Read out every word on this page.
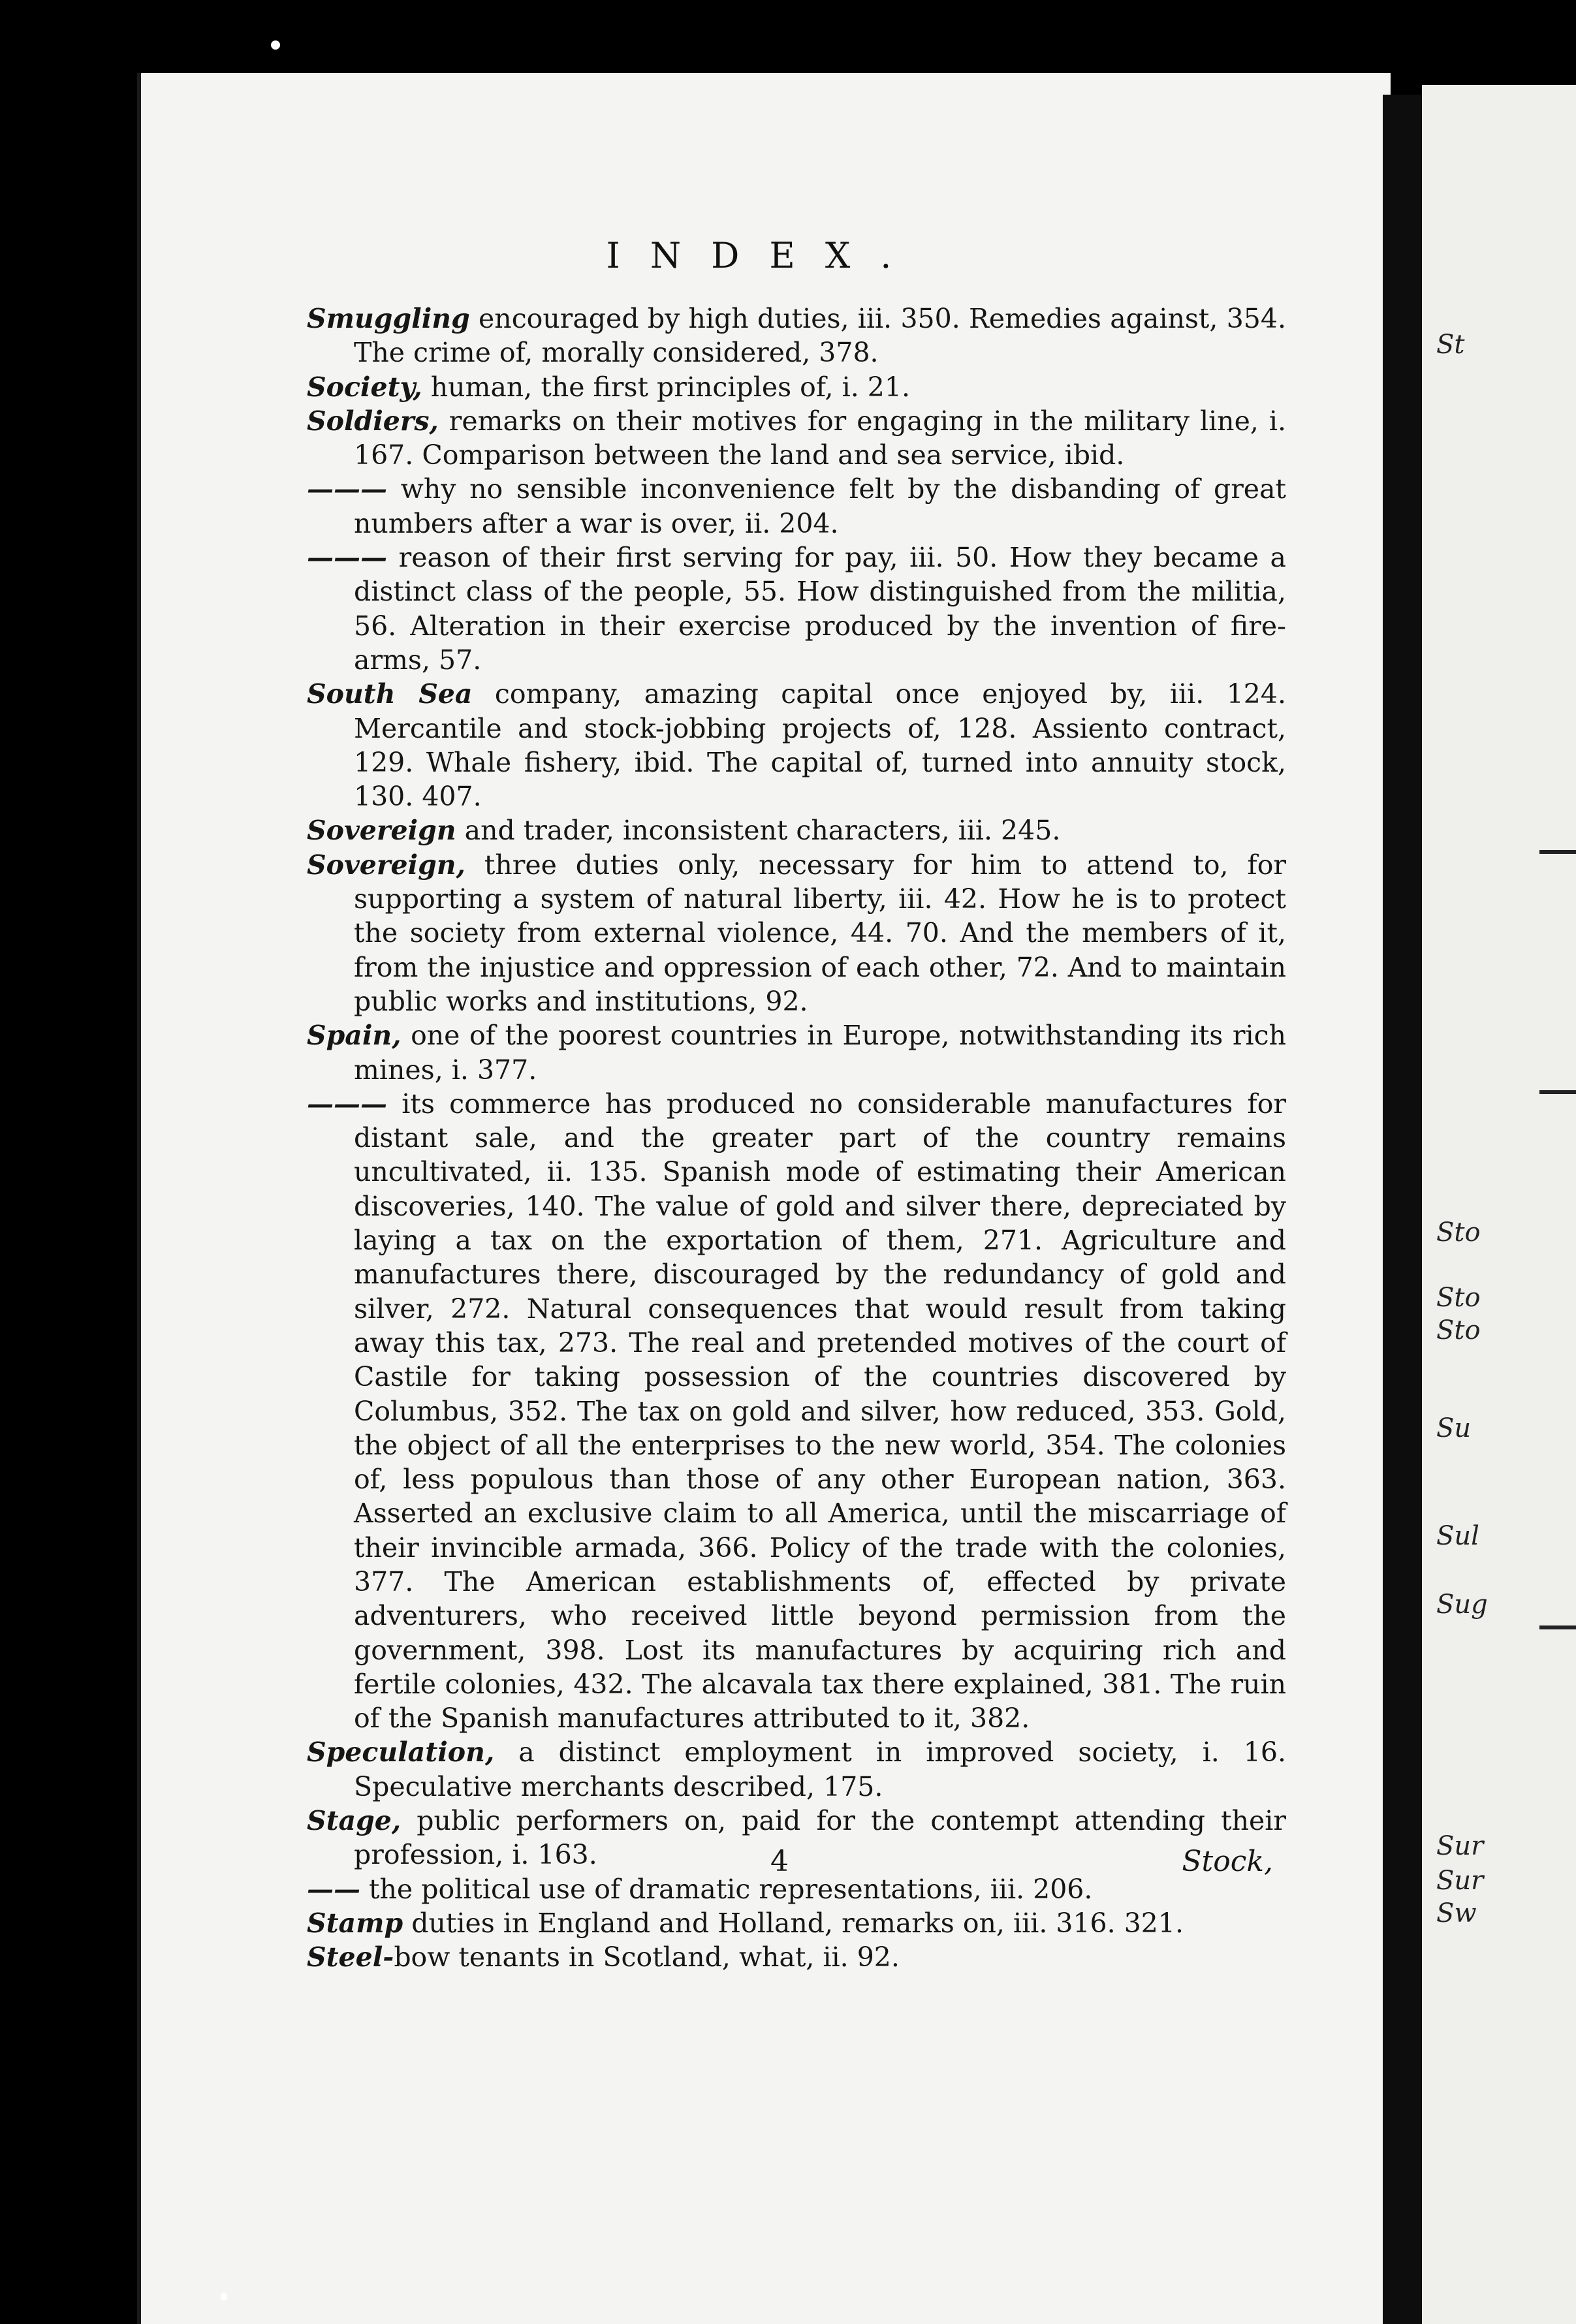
St
Sto
Sto
Sto
Su
Sul
Sug
Sur
Sur
Sw
INDEX.

Smuggling encouraged by high duties, iii. 350. Remedies against, 354. The crime of, morally considered, 378.

Society, human, the first principles of, i. 21.

Soldiers, remarks on their motives for engaging in the military line, i. 167. Comparison between the land and sea service, ibid.

——— why no sensible inconvenience felt by the disbanding of great numbers after a war is over, ii. 204.

——— reason of their first serving for pay, iii. 50. How they became a distinct class of the people, 55. How distinguished from the militia, 56. Alteration in their exercise produced by the invention of fire-arms, 57.

South Sea company, amazing capital once enjoyed by, iii. 124. Mercantile and stock-jobbing projects of, 128. Assiento contract, 129. Whale fishery, ibid. The capital of, turned into annuity stock, 130. 407.

Sovereign and trader, inconsistent characters, iii. 245.

Sovereign, three duties only, necessary for him to attend to, for supporting a system of natural liberty, iii. 42. How he is to protect the society from external violence, 44. 70. And the members of it, from the injustice and oppression of each other, 72. And to maintain public works and institutions, 92.

Spain, one of the poorest countries in Europe, notwithstanding its rich mines, i. 377.

——— its commerce has produced no considerable manufactures for distant sale, and the greater part of the country remains uncultivated, ii. 135. Spanish mode of estimating their American discoveries, 140. The value of gold and silver there, depreciated by laying a tax on the exportation of them, 271. Agriculture and manufactures there, discouraged by the redundancy of gold and silver, 272. Natural consequences that would result from taking away this tax, 273. The real and pretended motives of the court of Castile for taking possession of the countries discovered by Columbus, 352. The tax on gold and silver, how reduced, 353. Gold, the object of all the enterprises to the new world, 354. The colonies of, less populous than those of any other European nation, 363. Asserted an exclusive claim to all America, until the miscarriage of their invincible armada, 366. Policy of the trade with the colonies, 377. The American establishments of, effected by private adventurers, who received little beyond permission from the government, 398. Lost its manufactures by acquiring rich and fertile colonies, 432. The alcavala tax there explained, 381. The ruin of the Spanish manufactures attributed to it, 382.

Speculation, a distinct employment in improved society, i. 16. Speculative merchants described, 175.

Stage, public performers on, paid for the contempt attending their profession, i. 163.

—— the political use of dramatic representations, iii. 206.

Stamp duties in England and Holland, remarks on, iii. 316. 321.

Steel-bow tenants in Scotland, what, ii. 92.

4	Stock,
